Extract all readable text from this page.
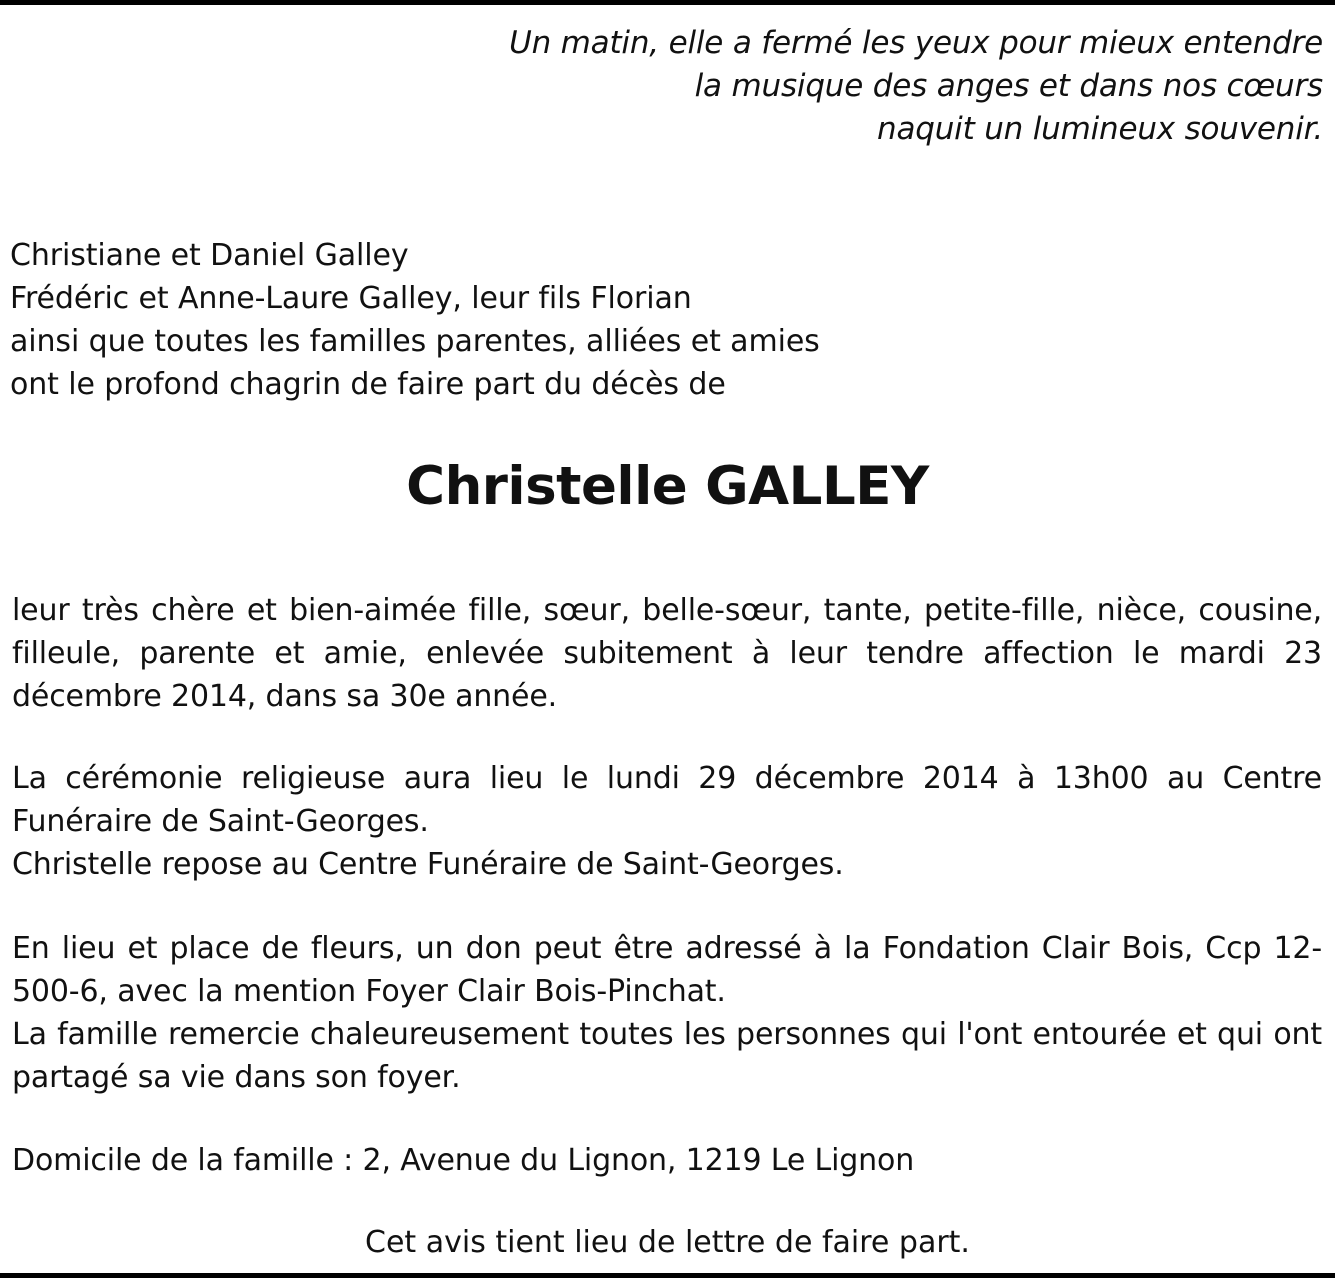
Un matin, elle a fermé les yeux pour mieux entendre
la musique des anges et dans nos cœurs
naquit un lumineux souvenir.
Christiane et Daniel Galley
Frédéric et Anne-Laure Galley, leur fils Florian
ainsi que toutes les familles parentes, alliées et amies
ont le profond chagrin de faire part du décès de
Christelle GALLEY

leur très chère et bien-aimée fille, sœur, belle-sœur, tante, petite-fille, nièce, cousine, filleule, parente et amie, enlevée subitement à leur tendre affection le mardi 23 décembre 2014, dans sa 30e année.

La cérémonie religieuse aura lieu le lundi 29 décembre 2014 à 13h00 au Centre Funéraire de Saint-Georges.

Christelle repose au Centre Funéraire de Saint-Georges.

En lieu et place de fleurs, un don peut être adressé à la Fondation Clair Bois, Ccp 12-500-6, avec la mention Foyer Clair Bois-Pinchat.

La famille remercie chaleureusement toutes les personnes qui l'ont entourée et qui ont partagé sa vie dans son foyer.

Domicile de la famille : 2, Avenue du Lignon, 1219 Le Lignon
Cet avis tient lieu de lettre de faire part.
